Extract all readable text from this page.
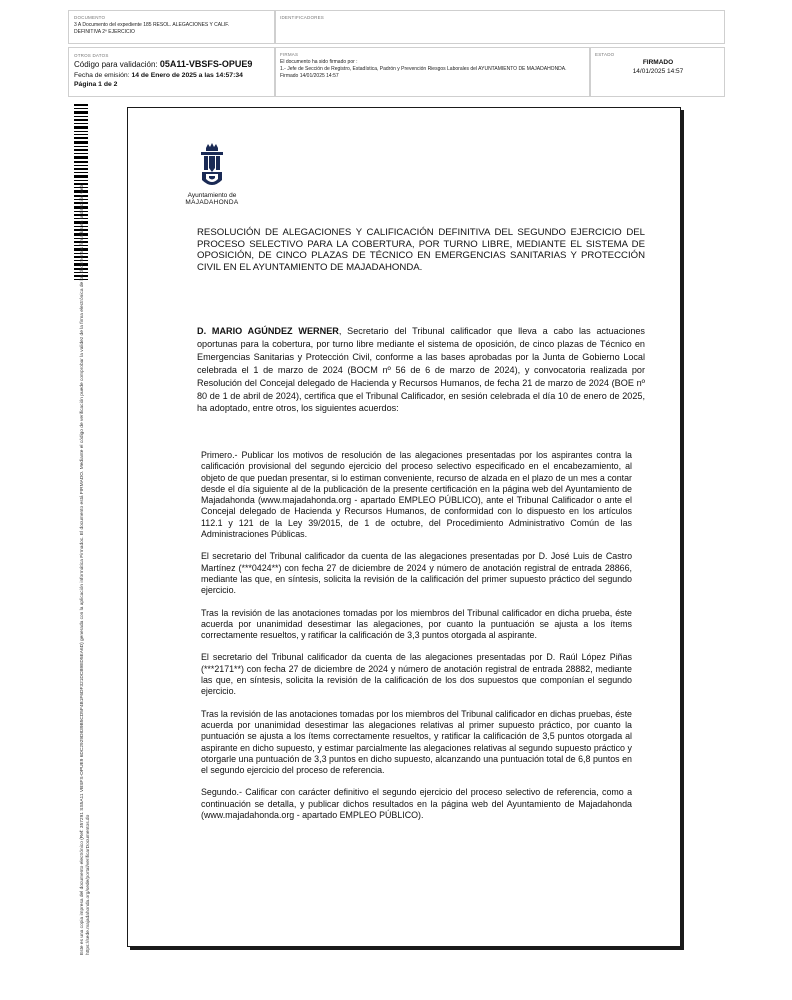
DOCUMENTO
3 A Documento del expediente 185 RESOL. ALEGACIONES Y CALIF. DEFINITIVA 2º EJERCICIO
IDENTIFICADORES
OTROS DATOS
Código para validación: 05A11-VBSFS-OPUE9
Fecha de emisión: 14 de Enero de 2025 a las 14:57:34
Página 1 de 2
FIRMAS
El documento ha sido firmado por :
1.- Jefe de Sección de Registro, Estadística, Padrón y Prevención Riesgos Laborales del AYUNTAMIENTO DE MAJADAHONDA. Firmado 14/01/2025 14:57
ESTADO
FIRMADO
14/01/2025 14:57
Este es una copia impresa del documento electrónico (Ref: 357291 SS5A11 VBSFS-OPUE9 6DC2929D839B5CD5F4B1F6DF321DCB9ED5EA6D) generada con la aplicación informática Firmadoc. El documento está FIRMADO. Mediante el código de verificación puede comprobar la validez de la firma electrónica de los documentos firmados en la dirección web: https://sede.majadahonda.org/sede/portal/verificarDocumentos.do
Ayuntamiento de
MAJADAHONDA
RESOLUCIÓN DE ALEGACIONES Y CALIFICACIÓN DEFINITIVA DEL SEGUNDO EJERCICIO DEL PROCESO SELECTIVO PARA LA COBERTURA, POR TURNO LIBRE, MEDIANTE EL SISTEMA DE OPOSICIÓN, DE CINCO PLAZAS DE TÉCNICO EN EMERGENCIAS SANITARIAS Y PROTECCIÓN CIVIL EN EL AYUNTAMIENTO DE MAJADAHONDA.
D. MARIO AGÚNDEZ WERNER, Secretario del Tribunal calificador que lleva a cabo las actuaciones oportunas para la cobertura, por turno libre mediante el sistema de oposición, de cinco plazas de Técnico en Emergencias Sanitarias y Protección Civil, conforme a las bases aprobadas por la Junta de Gobierno Local celebrada el 1 de marzo de 2024 (BOCM nº 56 de 6 de marzo de 2024), y convocatoria realizada por Resolución del Concejal delegado de Hacienda y Recursos Humanos, de fecha 21 de marzo de 2024 (BOE nº 80 de 1 de abril de 2024), certifica que el Tribunal Calificador, en sesión celebrada el día 10 de enero de 2025, ha adoptado, entre otros, los siguientes acuerdos:

Primero.- Publicar los motivos de resolución de las alegaciones presentadas por los aspirantes contra la calificación provisional del segundo ejercicio del proceso selectivo especificado en el encabezamiento, al objeto de que puedan presentar, si lo estiman conveniente, recurso de alzada en el plazo de un mes a contar desde el día siguiente al de la publicación de la presente certificación en la página web del Ayuntamiento de Majadahonda (www.majadahonda.org - apartado EMPLEO PÚBLICO), ante el Tribunal Calificador o ante el Concejal delegado de Hacienda y Recursos Humanos, de conformidad con lo dispuesto en los artículos 112.1 y 121 de la Ley 39/2015, de 1 de octubre, del Procedimiento Administrativo Común de las Administraciones Públicas.

El secretario del Tribunal calificador da cuenta de las alegaciones presentadas por D. José Luis de Castro Martínez (***0424**) con fecha 27 de diciembre de 2024 y número de anotación registral de entrada 28866, mediante las que, en síntesis, solicita la revisión de la calificación del primer supuesto práctico del segundo ejercicio.

Tras la revisión de las anotaciones tomadas por los miembros del Tribunal calificador en dicha prueba, éste acuerda por unanimidad desestimar las alegaciones, por cuanto la puntuación se ajusta a los ítems correctamente resueltos, y ratificar la calificación de 3,3 puntos otorgada al aspirante.

El secretario del Tribunal calificador da cuenta de las alegaciones presentadas por D. Raúl López Piñas (***2171**) con fecha 27 de diciembre de 2024 y número de anotación registral de entrada 28882, mediante las que, en síntesis, solicita la revisión de la calificación de los dos supuestos que componían el segundo ejercicio.

Tras la revisión de las anotaciones tomadas por los miembros del Tribunal calificador en dichas pruebas, éste acuerda por unanimidad desestimar las alegaciones relativas al primer supuesto práctico, por cuanto la puntuación se ajusta a los ítems correctamente resueltos, y ratificar la calificación de 3,5 puntos otorgada al aspirante en dicho supuesto, y estimar parcialmente las alegaciones relativas al segundo supuesto práctico y otorgarle una puntuación de 3,3 puntos en dicho supuesto, alcanzando una puntuación total de 6,8 puntos en el segundo ejercicio del proceso de referencia.

Segundo.- Calificar con carácter definitivo el segundo ejercicio del proceso selectivo de referencia, como a continuación se detalla, y publicar dichos resultados en la página web del Ayuntamiento de Majadahonda (www.majadahonda.org - apartado EMPLEO PÚBLICO).
